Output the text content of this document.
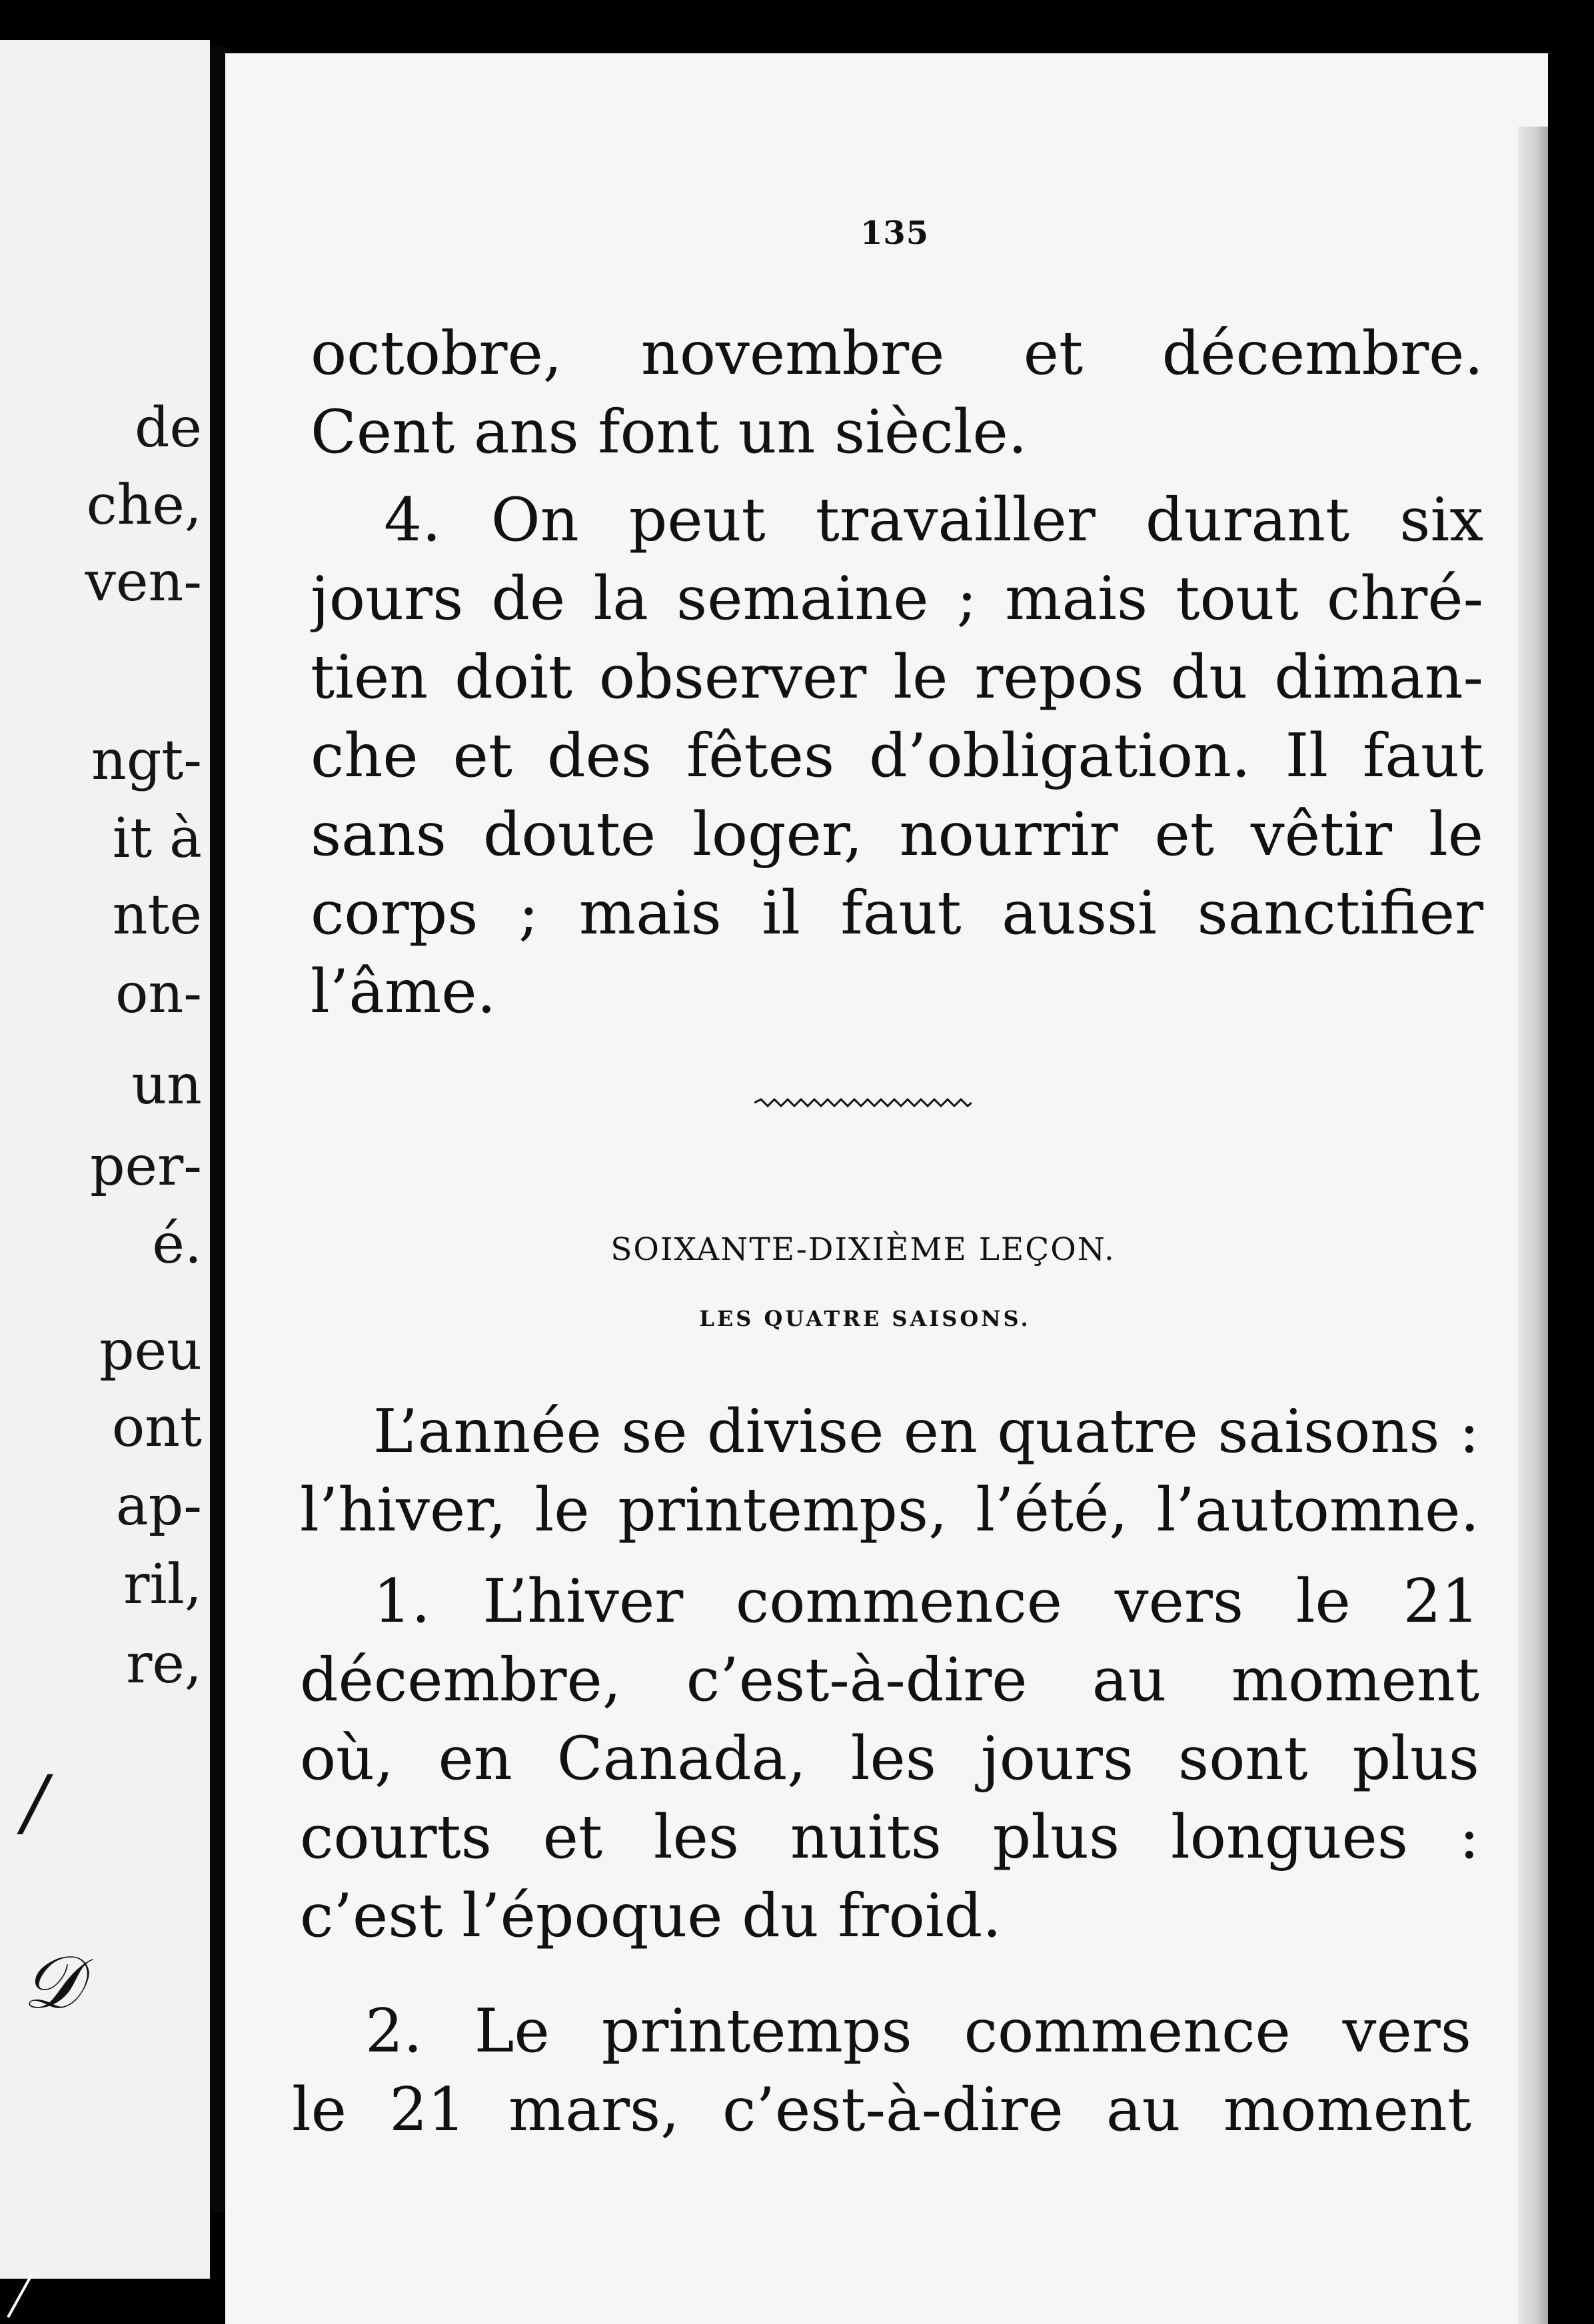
de
che,
ven-
ngt-
it à
nte
on-
un
per-
é.
peu
ont
ap-
ril,
re,
/
𝒟
135
octobre, novembre et décembre.
Cent ans font un siècle.
4. On peut travailler durant six
jours de la semaine ; mais tout chré-
tien doit observer le repos du diman-
che et des fêtes d’obligation. Il faut
sans doute loger, nourrir et vêtir le
corps ; mais il faut aussi sanctifier
l’âme.
SOIXANTE-DIXIÈME LEÇON.
LES QUATRE SAISONS.
L’année se divise en quatre saisons :
l’hiver, le printemps, l’été, l’automne.
1. L’hiver commence vers le 21
décembre, c’est-à-dire au moment
où, en Canada, les jours sont plus
courts et les nuits plus longues :
c’est l’époque du froid.
2. Le printemps commence vers
le 21 mars, c’est-à-dire au moment
